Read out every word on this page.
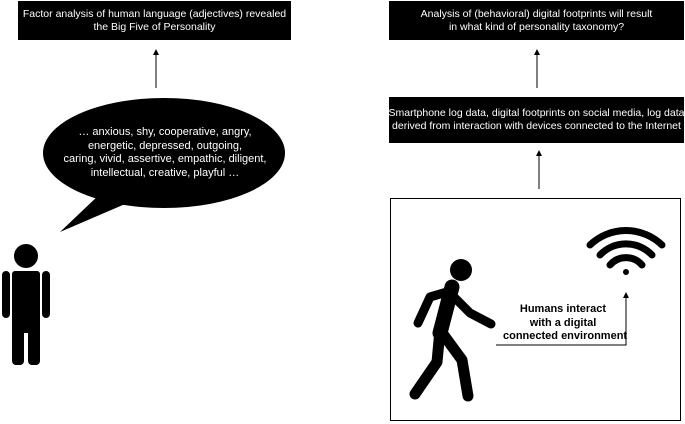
Factor analysis of human language (adjectives) revealed
the Big Five of Personality
Analysis of (behavioral) digital footprints will result
in what kind of personality taxonomy?
Smartphone log data, digital footprints on social media, log data
derived from interaction with devices connected to the Internet
… anxious, shy, cooperative, angry,
energetic, depressed, outgoing,
caring, vivid, assertive, empathic, diligent,
intellectual, creative, playful …
Humans interact
with a digital
connected environment
